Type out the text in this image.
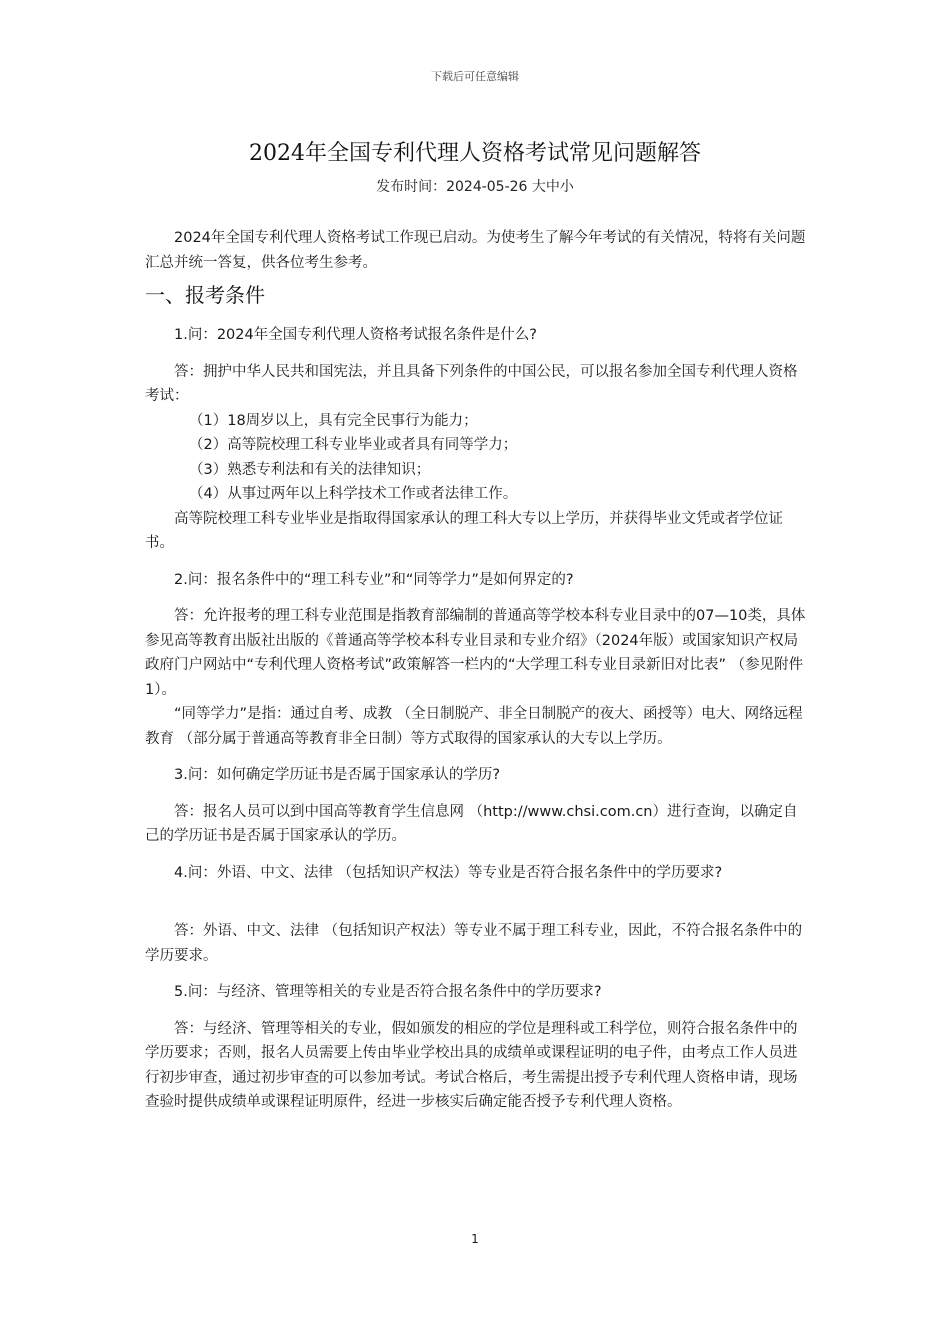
下载后可任意编辑
2024年全国专利代理人资格考试常见问题解答
发布时间：2024-05-26 大中小

2024年全国专利代理人资格考试工作现已启动。为使考生了解今年考试的有关情况，特将有关问题汇总并统一答复，供各位考生参考。

一、报考条件

1.问：2024年全国专利代理人资格考试报名条件是什么?

答：拥护中华人民共和国宪法，并且具备下列条件的中国公民，可以报名参加全国专利代理人资格考试：

（1）18周岁以上，具有完全民事行为能力；

（2）高等院校理工科专业毕业或者具有同等学力；

（3）熟悉专利法和有关的法律知识；

（4）从事过两年以上科学技术工作或者法律工作。

高等院校理工科专业毕业是指取得国家承认的理工科大专以上学历，并获得毕业文凭或者学位证书。

2.问：报名条件中的“理工科专业”和“同等学力”是如何界定的?

答：允许报考的理工科专业范围是指教育部编制的普通高等学校本科专业目录中的07—10类，具体参见高等教育出版社出版的《普通高等学校本科专业目录和专业介绍》（2024年版）或国家知识产权局政府门户网站中“专利代理人资格考试”政策解答一栏内的“大学理工科专业目录新旧对比表” （参见附件1）。

“同等学力”是指：通过自考、成教 （全日制脱产、非全日制脱产的夜大、函授等）电大、网络远程教育 （部分属于普通高等教育非全日制）等方式取得的国家承认的大专以上学历。

3.问：如何确定学历证书是否属于国家承认的学历?

答：报名人员可以到中国高等教育学生信息网 （http://www.chsi.com.cn）进行查询，以确定自己的学历证书是否属于国家承认的学历。

4.问：外语、中文、法律 （包括知识产权法）等专业是否符合报名条件中的学历要求?

答：外语、中文、法律 （包括知识产权法）等专业不属于理工科专业，因此，不符合报名条件中的学历要求。

5.问：与经济、管理等相关的专业是否符合报名条件中的学历要求?

答：与经济、管理等相关的专业，假如颁发的相应的学位是理科或工科学位，则符合报名条件中的学历要求；否则，报名人员需要上传由毕业学校出具的成绩单或课程证明的电子件，由考点工作人员进行初步审查，通过初步审查的可以参加考试。考试合格后，考生需提出授予专利代理人资格申请，现场查验时提供成绩单或课程证明原件，经进一步核实后确定能否授予专利代理人资格。

1
